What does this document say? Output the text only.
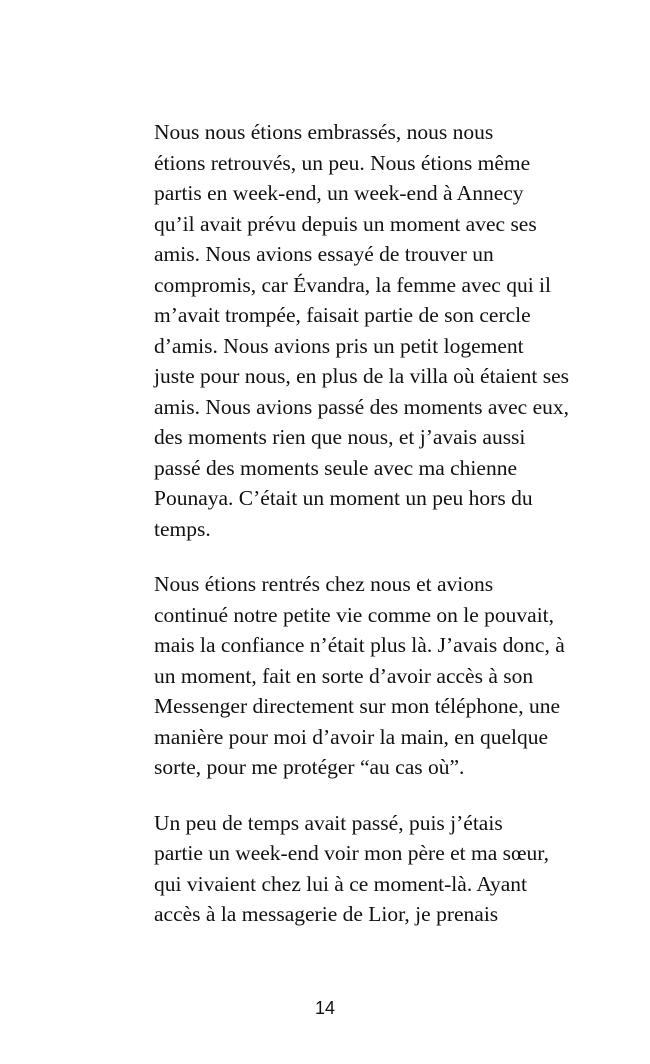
Nous nous étions embrassés, nous nous
étions retrouvés, un peu. Nous étions même
partis en week-end, un week-end à Annecy
qu’il avait prévu depuis un moment avec ses
amis. Nous avions essayé de trouver un
compromis, car Évandra, la femme avec qui il
m’avait trompée, faisait partie de son cercle
d’amis. Nous avions pris un petit logement
juste pour nous, en plus de la villa où étaient ses
amis. Nous avions passé des moments avec eux,
des moments rien que nous, et j’avais aussi
passé des moments seule avec ma chienne
Pounaya. C’était un moment un peu hors du
temps.

Nous étions rentrés chez nous et avions
continué notre petite vie comme on le pouvait,
mais la confiance n’était plus là. J’avais donc, à
un moment, fait en sorte d’avoir accès à son
Messenger directement sur mon téléphone, une
manière pour moi d’avoir la main, en quelque
sorte, pour me protéger “au cas où”.

Un peu de temps avait passé, puis j’étais
partie un week-end voir mon père et ma sœur,
qui vivaient chez lui à ce moment-là. Ayant
accès à la messagerie de Lior, je prenais

14
